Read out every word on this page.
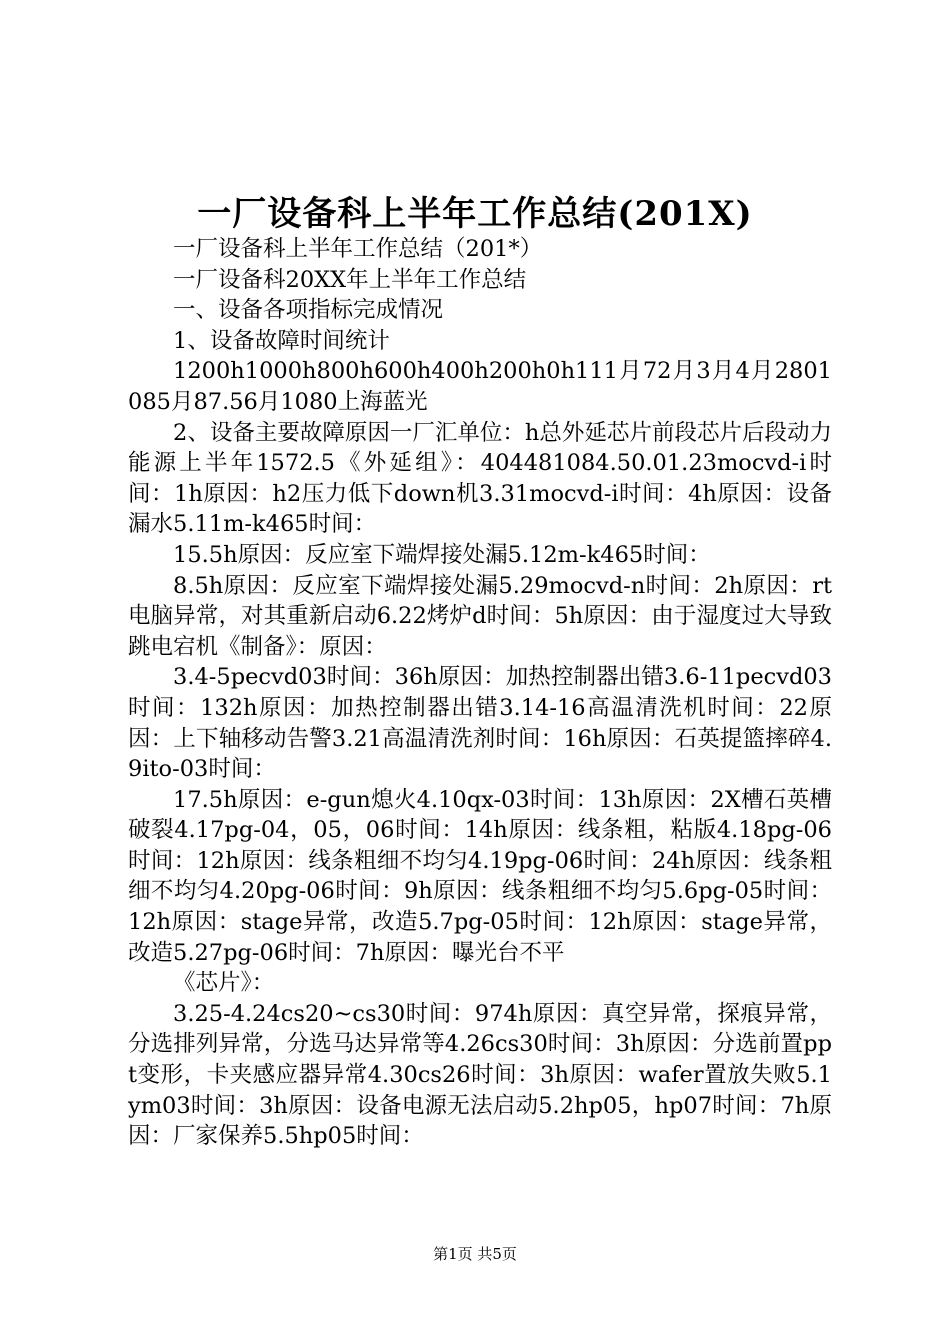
一厂设备科上半年工作总结(201X)

一厂设备科上半年工作总结（201*）

一厂设备科20XX年上半年工作总结

一、设备各项指标完成情况

1、设备故障时间统计

1200h1000h800h600h400h200h0h111月72月3月4月2801085月87.56月1080上海蓝光

2、设备主要故障原因一厂汇单位：h总外延芯片前段芯片后段动力能源上半年1572.5《外延组》：404481084.50.01.23mocvd-i时间：1h原因：h2压力低下down机3.31mocvd-i时间：4h原因：设备漏水5.11m-k465时间：

15.5h原因：反应室下端焊接处漏5.12m-k465时间：

8.5h原因：反应室下端焊接处漏5.29mocvd-n时间：2h原因：rt电脑异常，对其重新启动6.22烤炉d时间：5h原因：由于湿度过大导致跳电宕机《制备》：原因：

3.4-5pecvd03时间：36h原因：加热控制器出错3.6-11pecvd03时间：132h原因：加热控制器出错3.14-16高温清洗机时间：22原因：上下轴移动告警3.21高温清洗剂时间：16h原因：石英提篮摔碎4.9ito-03时间：

17.5h原因：e-gun熄火4.10qx-03时间：13h原因：2X槽石英槽破裂4.17pg-04，05，06时间：14h原因：线条粗，粘版4.18pg-06时间：12h原因：线条粗细不均匀4.19pg-06时间：24h原因：线条粗细不均匀4.20pg-06时间：9h原因：线条粗细不均匀5.6pg-05时间：12h原因：stage异常，改造5.7pg-05时间：12h原因：stage异常，改造5.27pg-06时间：7h原因：曝光台不平

《芯片》：

3.25-4.24cs20~cs30时间：974h原因：真空异常，探痕异常，分选排列异常，分选马达异常等4.26cs30时间：3h原因：分选前置ppt变形，卡夹感应器异常4.30cs26时间：3h原因：wafer置放失败5.1ym03时间：3h原因：设备电源无法启动5.2hp05，hp07时间：7h原因：厂家保养5.5hp05时间：

第1页 共5页
